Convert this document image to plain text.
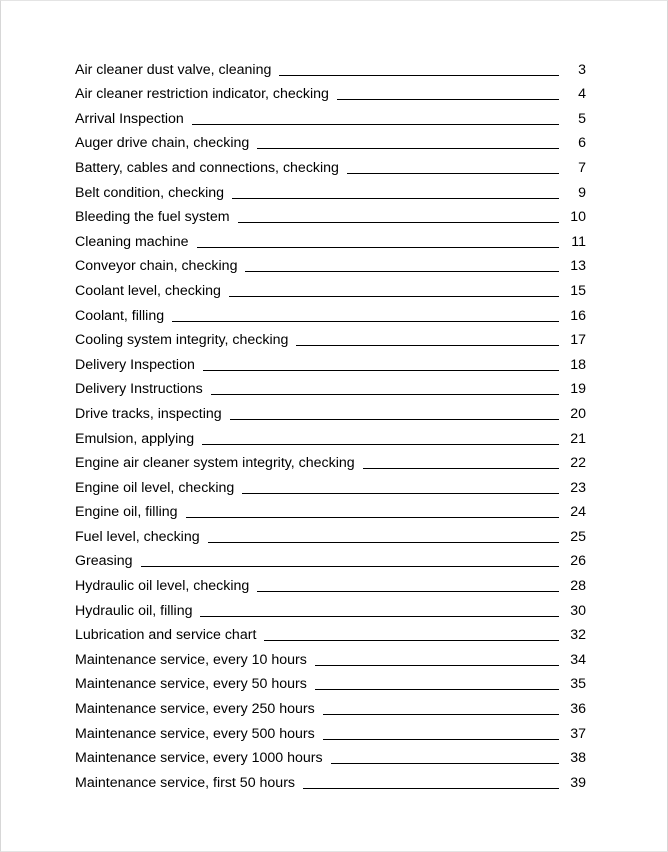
Air cleaner dust valve, cleaning	3
Air cleaner restriction indicator, checking	4
Arrival Inspection	5
Auger drive chain, checking	6
Battery, cables and connections, checking	7
Belt condition, checking	9
Bleeding the fuel system	10
Cleaning machine	11
Conveyor chain, checking	13
Coolant level, checking	15
Coolant, filling	16
Cooling system integrity, checking	17
Delivery Inspection	18
Delivery Instructions	19
Drive tracks, inspecting	20
Emulsion, applying	21
Engine air cleaner system integrity, checking	22
Engine oil level, checking	23
Engine oil, filling	24
Fuel level, checking	25
Greasing	26
Hydraulic oil level, checking	28
Hydraulic oil, filling	30
Lubrication and service chart	32
Maintenance service, every 10 hours	34
Maintenance service, every 50 hours	35
Maintenance service, every 250 hours	36
Maintenance service, every 500 hours	37
Maintenance service, every 1000 hours	38
Maintenance service, first 50 hours	39
